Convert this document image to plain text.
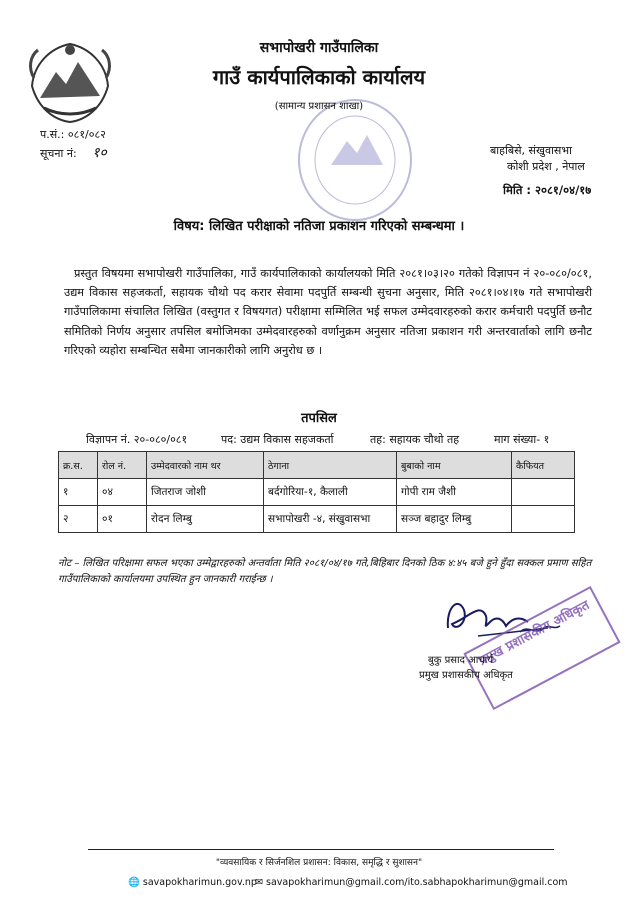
सभापोखरी गाउँपालिका
गाउँ कार्यपालिकाको कार्यालय
(सामान्य प्रशासन शाखा)
प.सं.: ०८१/०८२
सूचना नं: १०	बाहबिसे, संखुवासभा
कोशी प्रदेश , नेपाल
मिति : २०८१/०४/१७
विषय: लिखित परीक्षाको नतिजा प्रकाशन गरिएको सम्बन्धमा ।
प्रस्तुत विषयमा सभापोखरी गाउँपालिका, गाउँ कार्यपालिकाको कार्यालयको मिति २०८१।०३।२० गतेको विज्ञापन नं २०-०८०/०८१, उद्यम विकास सहजकर्ता, सहायक चौथो पद करार सेवामा पदपुर्ति सम्बन्धी सुचना अनुसार, मिति २०८१।०४।१७ गते सभापोखरी गाउँपालिकामा संचालित लिखित (वस्तुगत र विषयगत) परीक्षामा सम्मिलित भई सफल उम्मेदवारहरुको करार कर्मचारी पदपुर्ति छनौट समितिको निर्णय अनुसार तपसिल बमोजिमका उम्मेदवारहरुको वर्णानुक्रम अनुसार नतिजा प्रकाशन गरी अन्तरवार्ताको लागि छनौट गरिएको व्यहोरा सम्बन्धित सबैमा जानकारीको लागि अनुरोध छ ।
तपसिल
विज्ञापन नं. २०-०८०/०८१	पद: उद्यम विकास सहजकर्ता	तह: सहायक चौथो तह	माग संख्या- १
क्र.स.	रोल नं.	उम्मेदवारको नाम थर	ठेगाना	बुबाको नाम	कैफियत
१	०४	जितराज जोशी	बर्दगोरिया-१, कैलाली	गोपी राम जैशी	
२	०१	रोदन लिम्बु	सभापोखरी -४, संखुवासभा	सञ्ज बहादुर लिम्बु	
नोट – लिखित परिक्षामा सफल भएका उम्मेद्वारहरुको अन्तर्वाता मिति २०८१/०४/१७ गते,बिहिबार दिनको ठिक ४:४५ बजे हुने हुँदा सक्कल प्रमाण सहित गाउँपालिकाको कार्यालयमा उपस्थित हुन जानकारी गराईन्छ ।
प्रमुख प्रशासकीय अधिकृत
बुकु प्रसाद आचार्य
प्रमुख प्रशासकीय अधिकृत
"व्यवसायिक र सिर्जनशिल प्रशासन: विकास, समृद्धि र सुशासन"
🌐 savapokharimun.gov.np
✉ savapokharimun@gmail.com/ito.sabhapokharimun@gmail.com
